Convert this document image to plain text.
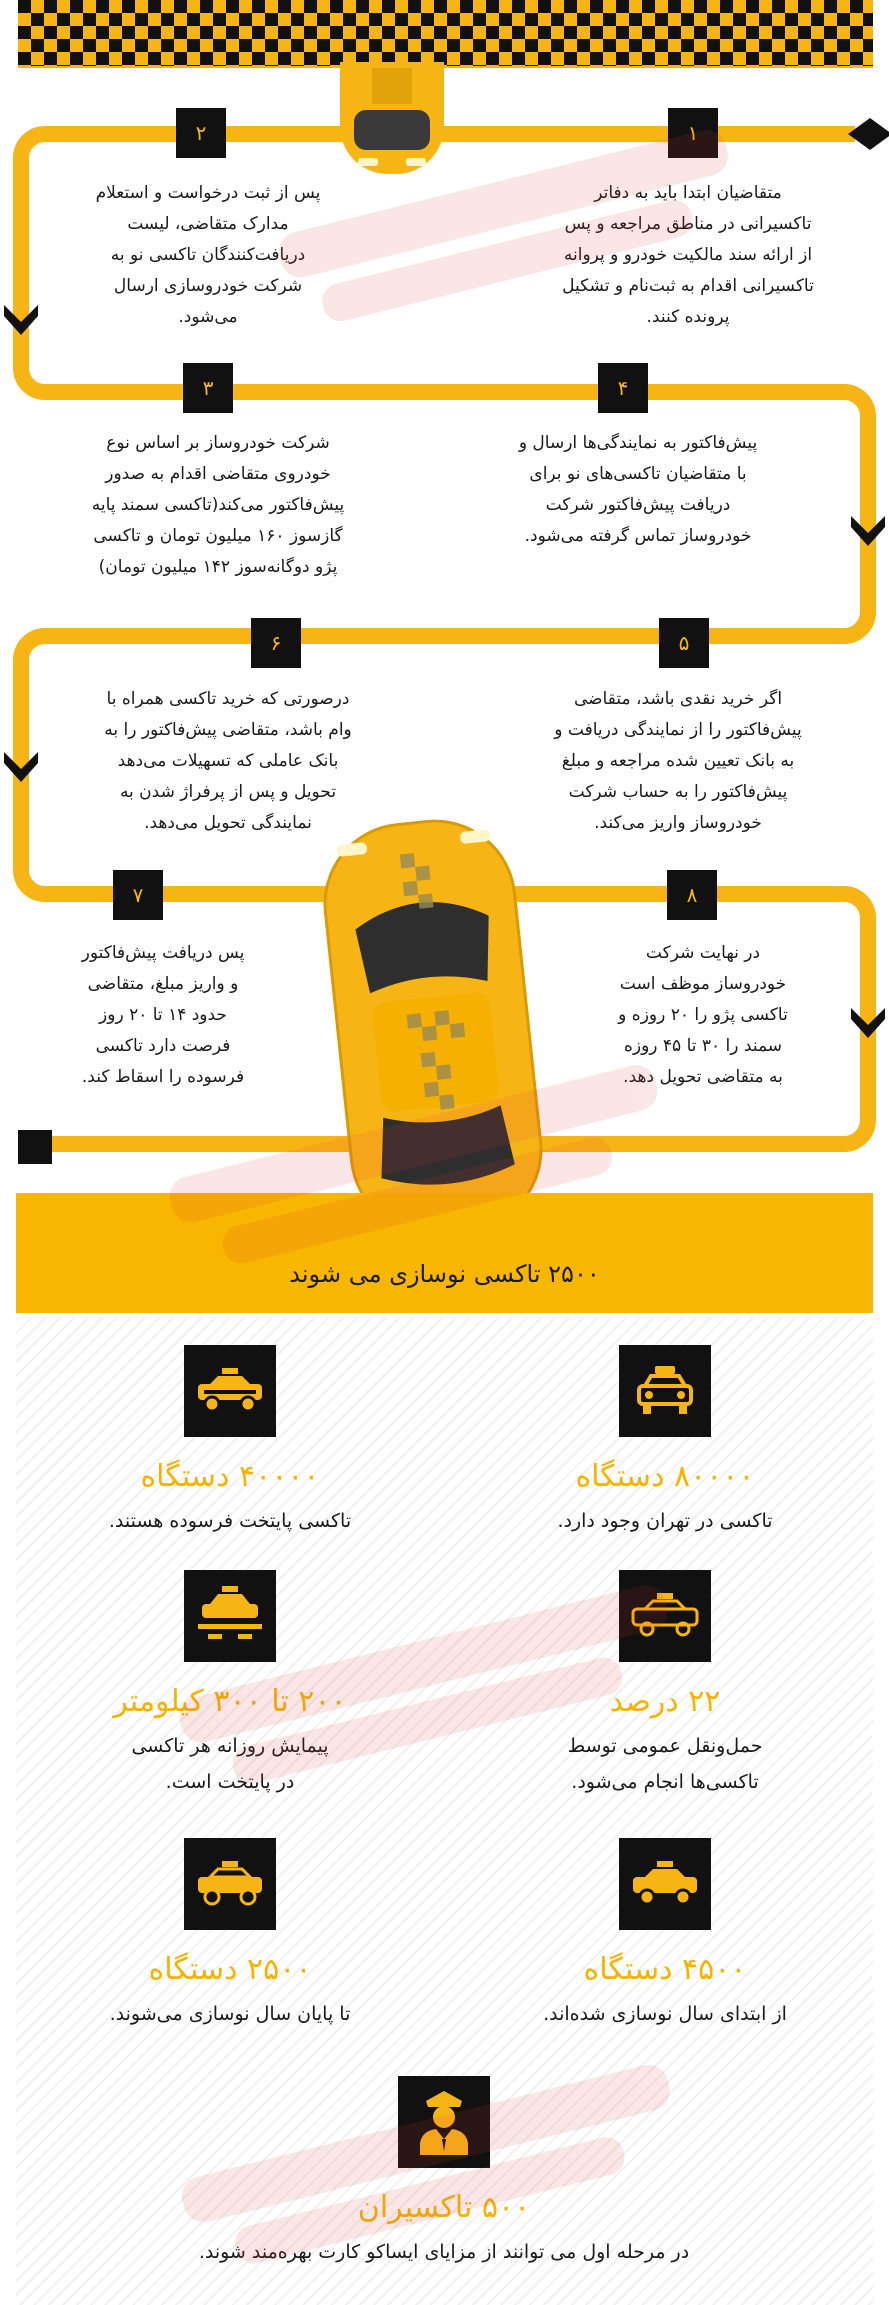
۱
۲
۳	۴
۵
۶
۷	۸
متقاضیان ابتدا باید به دفاتر تاکسیرانی در مناطق مراجعه و پس از ارائه سند مالکیت خودرو و پروانه تاکسیرانی اقدام به ثبت‌نام و تشکیل پرونده کنند.
پس از ثبت درخواست و استعلام مدارک متقاضی، لیست دریافت‌کنندگان تاکسی نو به شرکت خودروسازی ارسال می‌شود.
شرکت خودروساز بر اساس نوع خودروی متقاضی اقدام به صدور پیش‌فاکتور می‌کند(تاکسی سمند پایه گازسوز ۱۶۰ میلیون تومان و تاکسی پژو دوگانه‌سوز ۱۴۲ میلیون تومان)
پیش‌فاکتور به نمایندگی‌ها ارسال و با متقاضیان تاکسی‌های نو برای دریافت پیش‌فاکتور شرکت خودروساز تماس گرفته می‌شود.
اگر خرید نقدی باشد، متقاضی پیش‌فاکتور را از نمایندگی دریافت و به بانک تعیین شده مراجعه و مبلغ پیش‌فاکتور را به حساب شرکت خودروساز واریز می‌کند.
درصورتی که خرید تاکسی همراه با وام باشد، متقاضی پیش‌فاکتور را به بانک عاملی که تسهیلات می‌دهد تحویل و پس از پرفراژ شدن به نمایندگی تحویل می‌دهد.
پس دریافت پیش‌فاکتور و واریز مبلغ، متقاضی حدود ۱۴ تا ۲۰ روز فرصت دارد تاکسی فرسوده را اسقاط کند.
در نهایت شرکت خودروساز موظف است تاکسی پژو را ۲۰ روزه و سمند را ۳۰ تا ۴۵ روزه به متقاضی تحویل دهد.
۲۵۰۰ تاکسی نوسازی می شوند
۸۰۰۰۰ دستگاه
تاکسی در تهران وجود دارد.
۴۰۰۰۰ دستگاه
تاکسی پایتخت فرسوده هستند.
۲۲ درصد
حمل‌ونقل عمومی توسط
تاکسی‌ها انجام می‌شود.
۲۰۰ تا ۳۰۰ کیلومتر
پیمایش روزانه هر تاکسی
در پایتخت است.
۴۵۰۰ دستگاه
از ابتدای سال نوسازی شده‌اند.
۲۵۰۰ دستگاه
تا پایان سال نوسازی می‌شوند.
۵۰۰ تاکسیران
در مرحله اول می توانند از مزایای ایساکو کارت بهره‌مند شوند.
